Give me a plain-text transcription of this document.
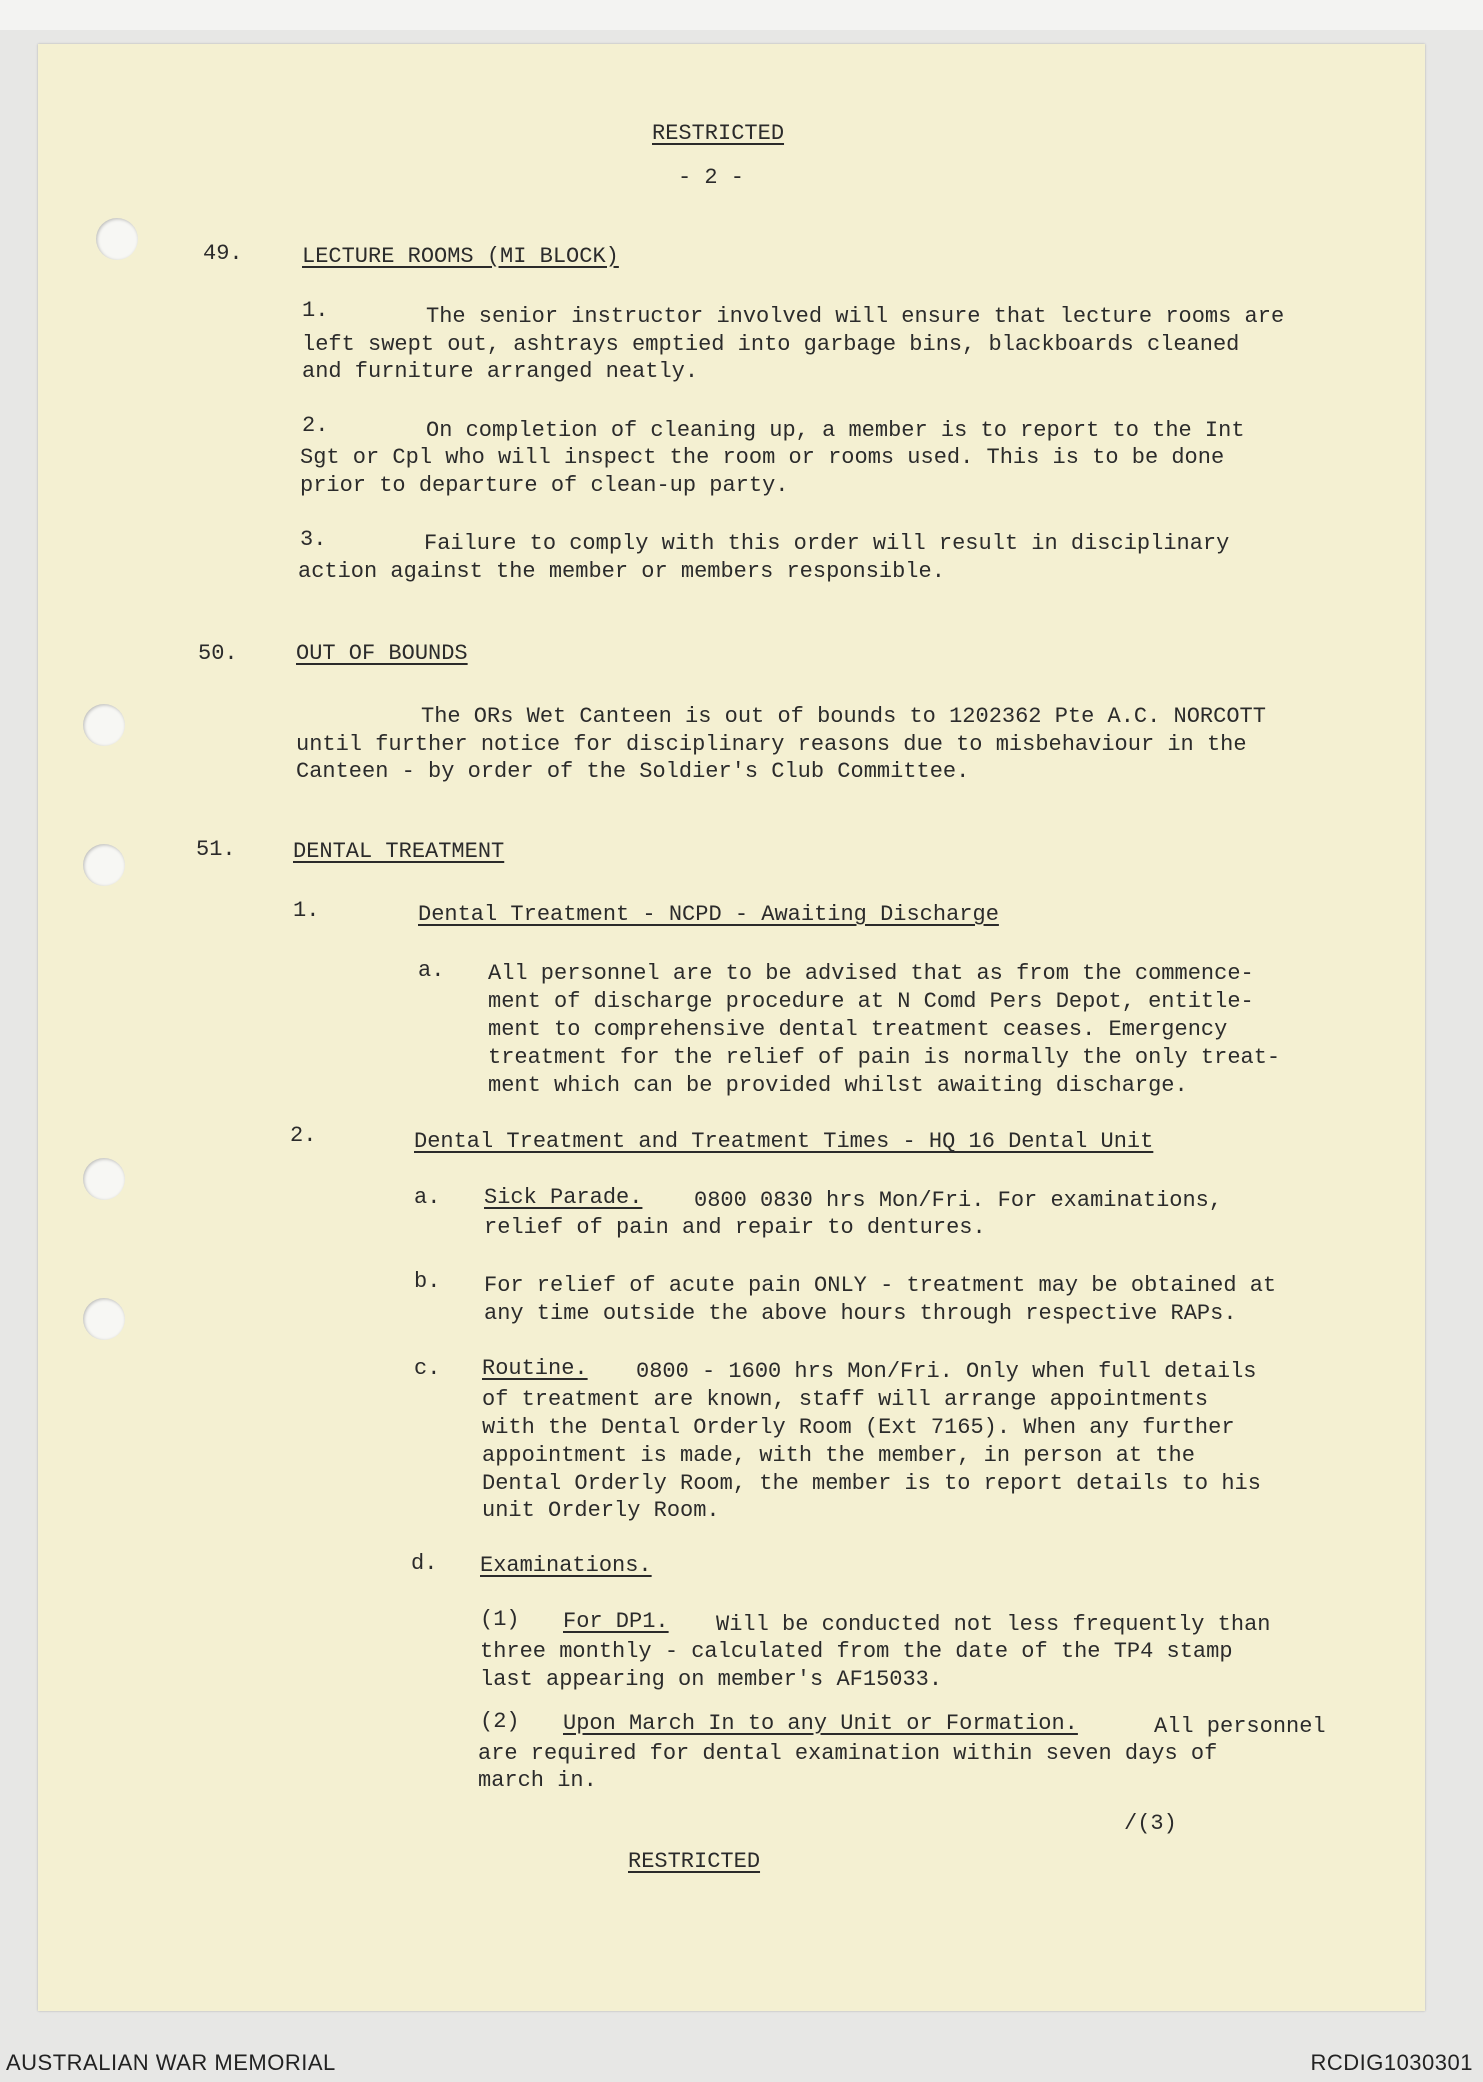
RESTRICTED
- 2 -
49.	LECTURE ROOMS (MI BLOCK)
1.	The senior instructor involved will ensure that lecture rooms are
left swept out, ashtrays emptied into garbage bins, blackboards cleaned
and furniture arranged neatly.
2.	On completion of cleaning up, a member is to report to the Int
Sgt or Cpl who will inspect the room or rooms used. This is to be done
prior to departure of clean-up party.
3.	Failure to comply with this order will result in disciplinary
action against the member or members responsible.
50.	OUT OF BOUNDS
The ORs Wet Canteen is out of bounds to 1202362 Pte A.C. NORCOTT
until further notice for disciplinary reasons due to misbehaviour in the
Canteen - by order of the Soldier's Club Committee.
51.	DENTAL TREATMENT
1.	Dental Treatment - NCPD - Awaiting Discharge
a. All personnel are to be advised that as from the commence-
ment of discharge procedure at N Comd Pers Depot, entitle-
ment to comprehensive dental treatment ceases. Emergency
treatment for the relief of pain is normally the only treat-
ment which can be provided whilst awaiting discharge.
2.	Dental Treatment and Treatment Times - HQ 16 Dental Unit
a. Sick Parade. 0800 0830 hrs Mon/Fri. For examinations,
relief of pain and repair to dentures.
b. For relief of acute pain ONLY - treatment may be obtained at
any time outside the above hours through respective RAPs.
c. Routine. 0800 - 1600 hrs Mon/Fri. Only when full details
of treatment are known, staff will arrange appointments
with the Dental Orderly Room (Ext 7165). When any further
appointment is made, with the member, in person at the
Dental Orderly Room, the member is to report details to his
unit Orderly Room.
d. Examinations.
(1) For DP1. Will be conducted not less frequently than
three monthly - calculated from the date of the TP4 stamp
last appearing on member's AF15033.
(2) Upon March In to any Unit or Formation.	All personnel
are required for dental examination within seven days of
march in.
/(3)
RESTRICTED
AUSTRALIAN WAR MEMORIAL	RCDIG1030301
